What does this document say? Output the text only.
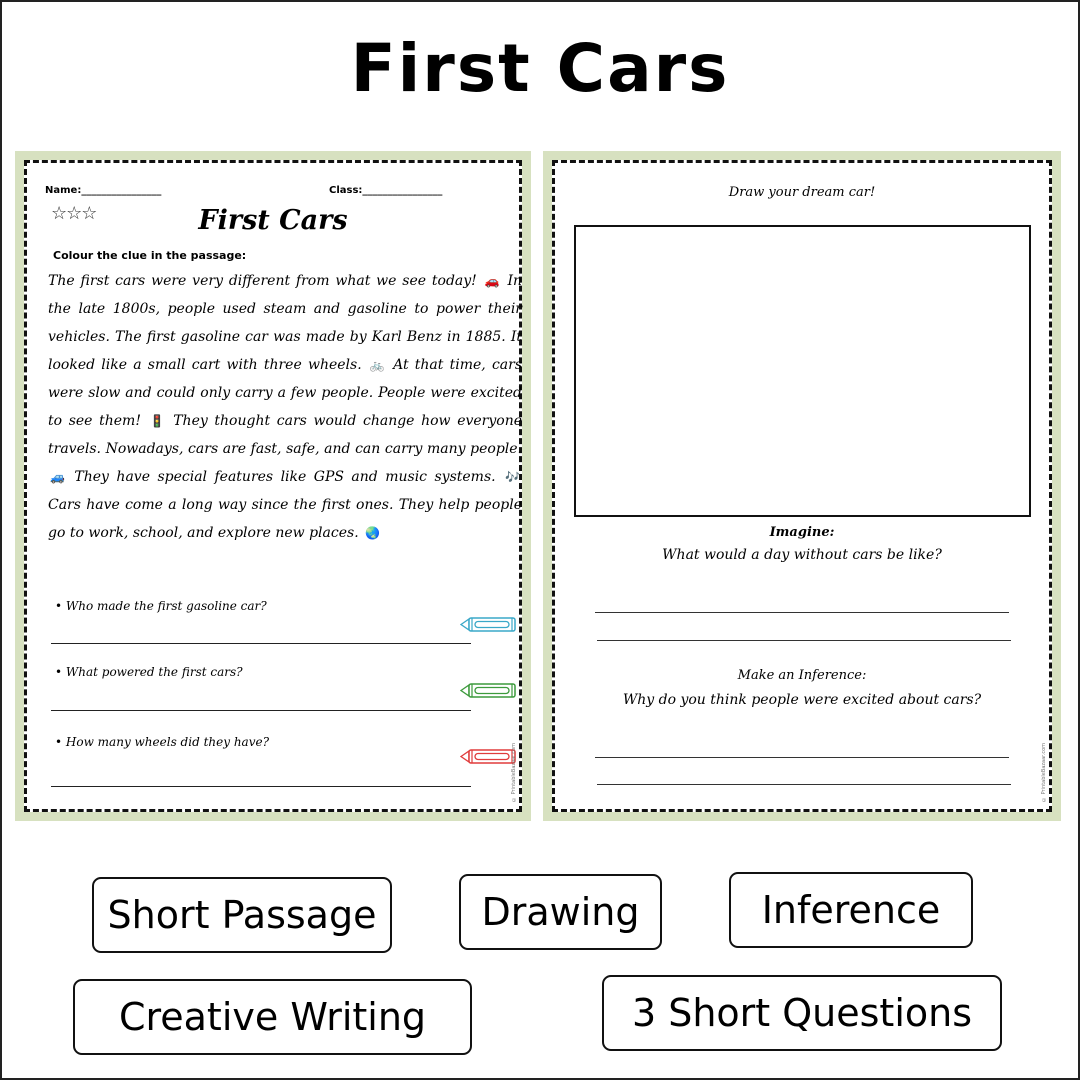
First Cars
Name:________________	Class:________________
☆☆☆	First Cars
Colour the clue in the passage:
The first cars were very different from what we see today! 🚗 In the late 1800s, people used steam and gasoline to power their vehicles. The first gasoline car was made by Karl Benz in 1885. It looked like a small cart with three wheels. 🚲 At that time, cars were slow and could only carry a few people. People were excited to see them! 🚦 They thought cars would change how everyone travels. Nowadays, cars are fast, safe, and can carry many people. 🚙 They have special features like GPS and music systems. 🎶 Cars have come a long way since the first ones. They help people go to work, school, and explore new places. 🌏
• Who made the first gasoline car?
• What powered the first cars?
• How many wheels did they have?
© PrintableBazaar.com
Draw your dream car!
Imagine:
What would a day without cars be like?
Make an Inference:
Why do you think people were excited about cars?
© PrintableBazaar.com
Short Passage	Drawing	Inference
Creative Writing	3 Short Questions
